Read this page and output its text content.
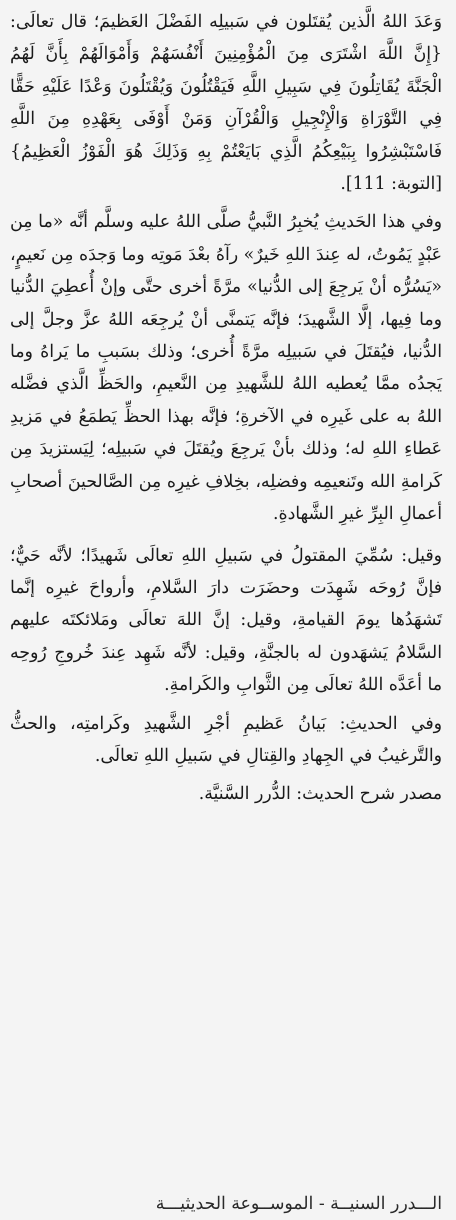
وَعَدَ اللهُ الَّذين يُقتَلون في سَبيلِه الفَضْلَ العَظيمَ؛ قال تعالَى: {إِنَّ اللَّهَ اشْتَرَى مِنَ الْمُؤْمِنِينَ أَنْفُسَهُمْ وَأَمْوَالَهُمْ بِأَنَّ لَهُمُ الْجَنَّةَ يُقَاتِلُونَ فِي سَبِيلِ اللَّهِ فَيَقْتُلُونَ وَيُقْتَلُونَ وَعْدًا عَلَيْهِ حَقًّا فِي التَّوْرَاةِ وَالْإِنْجِيلِ وَالْقُرْآنِ وَمَنْ أَوْفَى بِعَهْدِهِ مِنَ اللَّهِ فَاسْتَبْشِرُوا بِبَيْعِكُمُ الَّذِي بَايَعْتُمْ بِهِ وَذَلِكَ هُوَ الْفَوْزُ الْعَظِيمُ} [التوبة: 111].

وفي هذا الحَديثِ يُخبِرُ النَّبيُّ صلَّى اللهُ عليه وسلَّم أنَّه «ما مِن عَبْدٍ يَمُوتُ، له عِندَ اللهِ خَيرٌ» رآهُ بعْدَ مَوتِه وما وَجدَه مِن نَعيمٍ، «يَسُرُّه أنْ يَرجِعَ إلى الدُّنيا» مرَّةً أخرى حتَّى وإنْ أُعطِيَ الدُّنيا وما فِيها، إلَّا الشَّهيدَ؛ فإنَّه يَتمنَّى أنْ يُرجِعَه اللهُ عزَّ وجلَّ إلى الدُّنيا، فيُقتَلَ في سَبيلِه مرَّةً أُخرى؛ وذلك بسَببِ ما يَراهُ وما يَجدُه ممَّا يُعطيه اللهُ للشَّهيدِ مِن النَّعيمِ، والحَظِّ الَّذي فضَّله اللهُ به على غَيرِه في الآخرةِ؛ فإنَّه بهذا الحظِّ يَطمَعُ في مَزيدِ عَطاءِ اللهِ له؛ وذلك بأنْ يَرجِعَ ويُقتَلَ في سَبيلِه؛ لِيَستزيدَ مِن كَرامةِ الله وتَنعيمِه وفضلِه، بخِلافِ غيرِه مِن الصَّالحينَ أصحابِ أعمالِ البِرِّ غيرِ الشَّهادةِ.

وقيل: سُمِّيَ المقتولُ في سَبيلِ اللهِ تعالَى شَهيدًا؛ لأنَّه حَيٌّ؛ فإنَّ رُوحَه شَهِدَت وحضَرَت دارَ السَّلامِ، وأرواحَ غيرِه إنَّما تَشهَدُها يومَ القيامةِ، وقيل: إنَّ اللهَ تعالَى ومَلائكتَه عليهم السَّلامُ يَشهَدون له بالجنَّةِ، وقيل: لأنَّه شَهِد عِندَ خُروجِ رُوحِه ما أعَدَّه اللهُ تعالَى مِن الثَّوابِ والكَرامةِ.

وفي الحديثِ: بَيانُ عَظيمِ أجْرِ الشَّهيدِ وكَرامتِه، والحثُّ والتَّرغيبُ في الجِهادِ والقِتالِ في سَبيلِ اللهِ تعالَى.

مصدر شرح الحديث: الدُّرر السَّنيَّة.

الـــدرر السنيــة - الموســوعة الحديثيـــة
